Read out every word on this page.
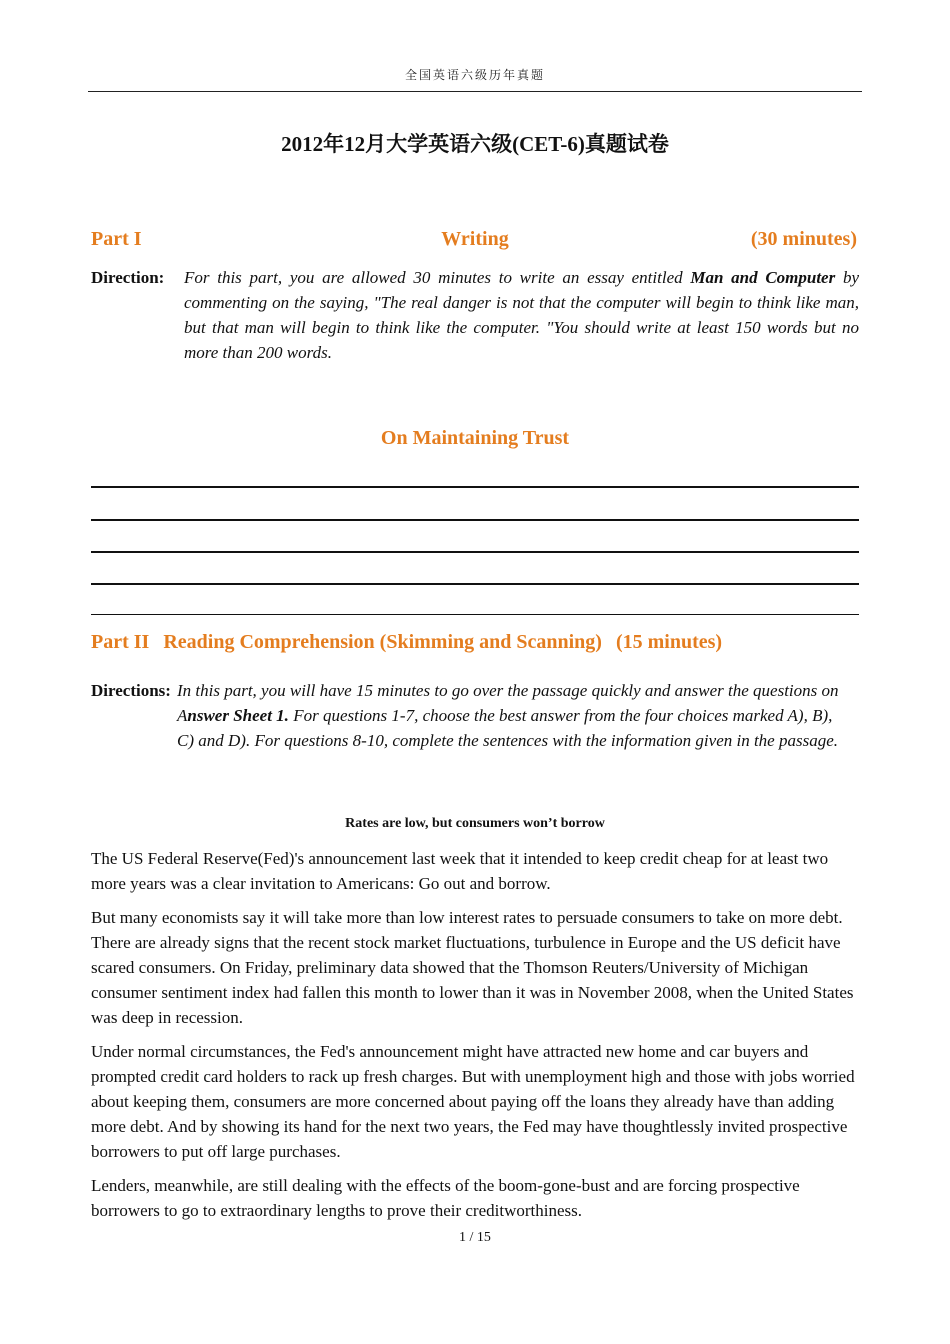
全国英语六级历年真题
2012年12月大学英语六级(CET-6)真题试卷
Part I	Writing	(30 minutes)
Direction: For this part, you are allowed 30 minutes to write an essay entitled Man and Computer by commenting on the saying, "The real danger is not that the computer will begin to think like man, but that man will begin to think like the computer. "You should write at least 150 words but no more than 200 words.
On Maintaining Trust
Part II Reading Comprehension (Skimming and Scanning) (15 minutes)
Directions: In this part, you will have 15 minutes to go over the passage quickly and answer the questions on Answer Sheet 1. For questions 1-7, choose the best answer from the four choices marked A), B), C) and D). For questions 8-10, complete the sentences with the information given in the passage.
Rates are low, but consumers won’t borrow

The US Federal Reserve(Fed)'s announcement last week that it intended to keep credit cheap for at least two more years was a clear invitation to Americans: Go out and borrow.

But many economists say it will take more than low interest rates to persuade consumers to take on more debt. There are already signs that the recent stock market fluctuations, turbulence in Europe and the US deficit have scared consumers. On Friday, preliminary data showed that the Thomson Reuters/University of Michigan consumer sentiment index had fallen this month to lower than it was in November 2008, when the United States was deep in recession.

Under normal circumstances, the Fed's announcement might have attracted new home and car buyers and prompted credit card holders to rack up fresh charges. But with unemployment high and those with jobs worried about keeping them, consumers are more concerned about paying off the loans they already have than adding more debt. And by showing its hand for the next two years, the Fed may have thoughtlessly invited prospective borrowers to put off large purchases.

Lenders, meanwhile, are still dealing with the effects of the boom-gone-bust and are forcing prospective borrowers to go to extraordinary lengths to prove their creditworthiness.

1 / 15
